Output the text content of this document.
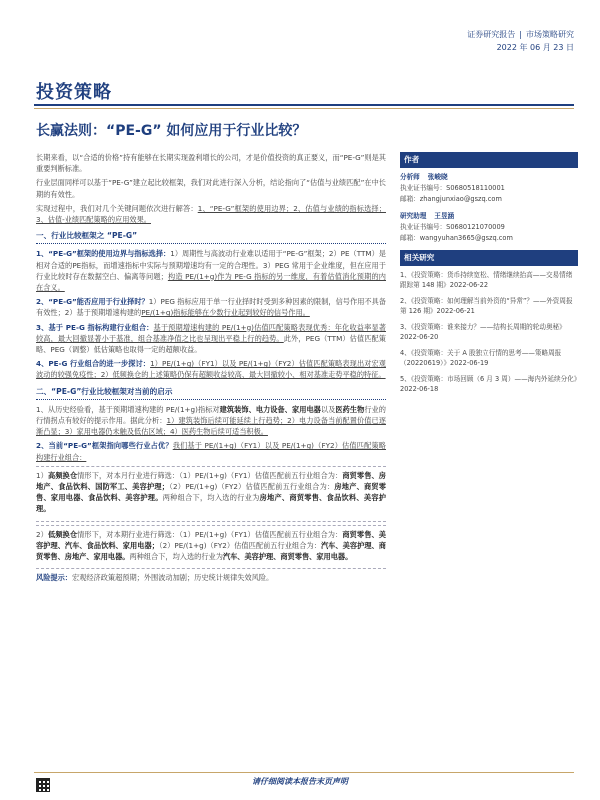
证券研究报告 | 市场策略研究
2022 年 06 月 23 日
投资策略
长赢法则：“PE-G” 如何应用于行业比较？

长期来看，以“合适的价格”持有能够在长期实现盈利增长的公司，才是价值投资的真正要义，而“PE-G”则是其重要判断标准。

行业层面同样可以基于“PE-G”建立起比较框架，我们对此进行深入分析，结论指向了“估值与业绩匹配”在中长期的有效性。

实现过程中，我们对几个关键问题依次进行解答：1、“PE-G”框架的使用边界；2、估值与业绩的指标选择；3、估值-业绩匹配策略的应用效果。

一、行业比较框架之 “PE-G”

1、“PE-G”框架的使用边界与指标选择：1）周期性与高波动行业难以适用于“PE-G”框架；2）PE（TTM）是相对合适的PE指标，而增速指标中实际与预期增速均有一定的合理性。3）PEG 常用于企业维度，但在应用于行业比较时存在数据空白、偏离等问题；构造 PE/(1+g)作为 PE-G 指标的另一维度，有着估值消化预期的内在含义。

2、“PE-G”能否应用于行业择时？1）PEG 指标应用于单一行业择时时受到多种因素的限制，信号作用不具备有效性；2）基于预期增速构建的PE/(1+g)指标能够在少数行业起到较好的信号作用。

3、基于 PE-G 指标构建行业组合：基于预期增速构建的 PE/(1+g)估值匹配策略表现优秀：年化收益率显著较高，最大回撤显著小于基准，组合基准净值之比也呈现出平稳上行的趋势。此外，PEG（TTM）估值匹配策略、PEG（调整）低估策略也取得一定的超额收益。

4、PE-G 行业组合的进一步探讨：1）PE/(1+g)（FY1）以及 PE/(1+g)（FY2）估值匹配策略表现出对宏观波动的较强免疫性；2）低频换仓的上述策略仍保有超额收益较高、最大回撤较小、相对基准走势平稳的特征。

二、“PE-G”行业比较框架对当前的启示

1、从历史经验看，基于预期增速构建的 PE/(1+g)指标对建筑装饰、电力设备、家用电器以及医药生物行业的行情拐点有较好的提示作用。据此分析：1）建筑装饰后续可能延续上行趋势；2）电力设备当前配置价值已逐渐凸显；3）家用电器仍未触及低估区域；4）医药生物后续可适当积极。

2、当前“PE-G”框架指向哪些行业占优？我们基于 PE/(1+g)（FY1）以及 PE/(1+g)（FY2）估值匹配策略构建行业组合：

1）高频换仓情形下，对本月行业进行筛选：（1）PE/(1+g)（FY1）估值匹配前五行业组合为：商贸零售、房地产、食品饮料、国防军工、美容护理；（2）PE/(1+g)（FY2）估值匹配前五行业组合为：房地产、商贸零售、家用电器、食品饮料、美容护理。两种组合下，均入选的行业为房地产、商贸零售、食品饮料、美容护理。

2）低频换仓情形下，对本期行业进行筛选：（1）PE/(1+g)（FY1）估值匹配前五行业组合为：商贸零售、美容护理、汽车、食品饮料、家用电器；（2）PE/(1+g)（FY2）估值匹配前五行业组合为：汽车、美容护理、商贸零售、房地产、家用电器。两种组合下，均入选的行业为汽车、美容护理、商贸零售、家用电器。

风险提示：宏观经济政策超预期；外围波动加剧；历史统计规律失效风险。

作者
分析师 张峻晓
执业证书编号：S0680518110001
邮箱：zhangjunxiao@gszq.com
研究助理 王昱涵
执业证书编号：S0680121070009
邮箱：wangyuhan3665@gszq.com
相关研究
1、《投资策略：货币持续宽松、情绪继续抬高——交易情绪跟踪第 148 期》2022-06-22
2、《投资策略：如何理解当前外资的“异常”？——外资周报第 126 期》2022-06-21
3、《投资策略：谁来接力？——结构长周期的轮动奥秘》2022-06-20
4、《投资策略：关于 A 股独立行情的思考——策略周报（20220619）》2022-06-19
5、《投资策略：市场回顾（6 月 3 周）——海内外延续分化》2022-06-18
请仔细阅读本报告末页声明
